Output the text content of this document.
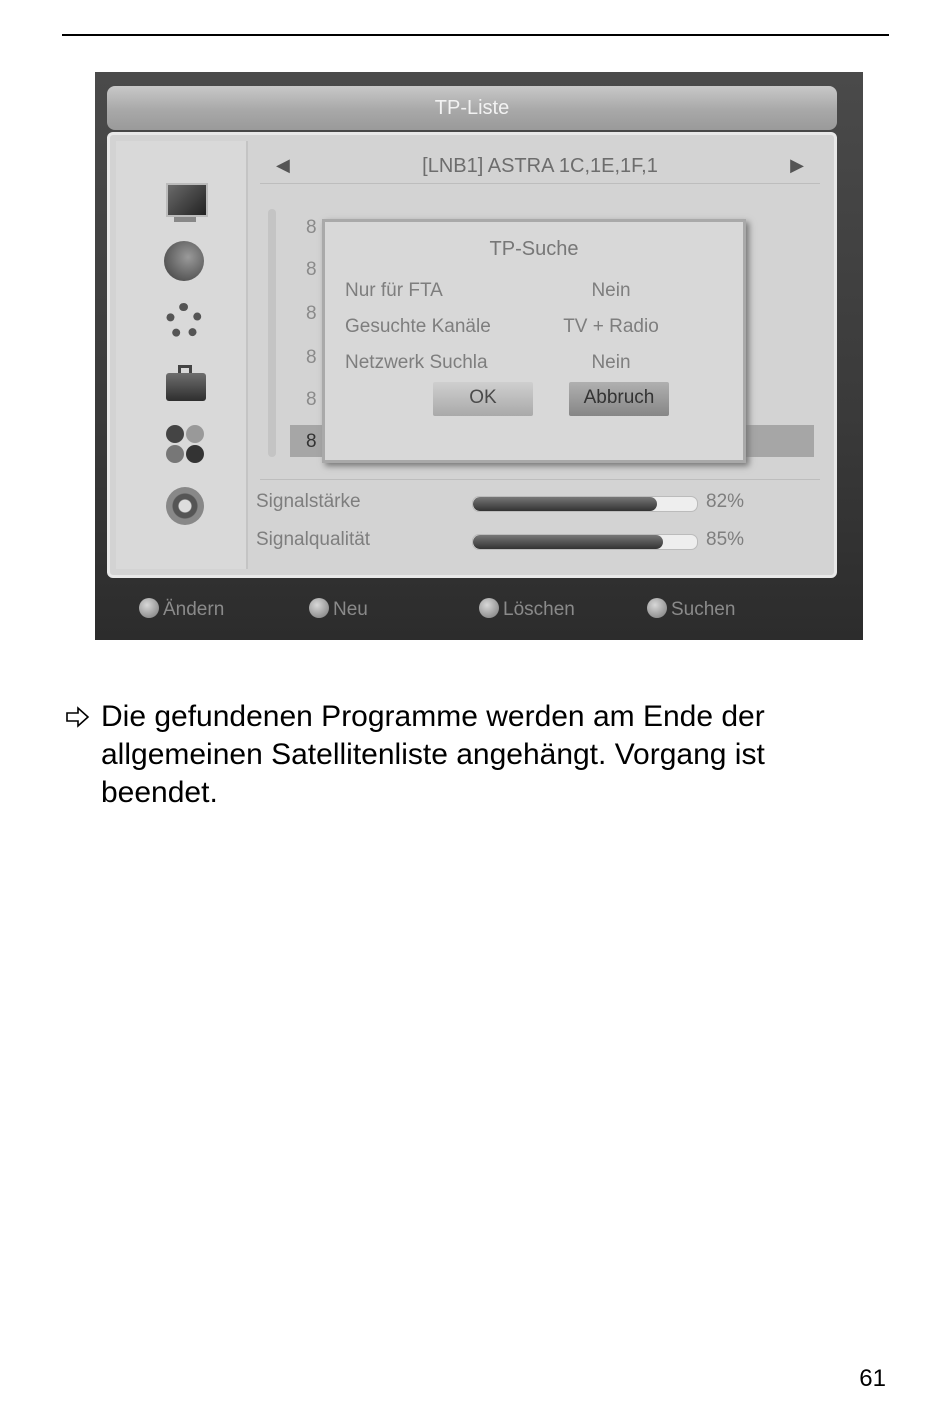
TP-Liste
◀	[LNB1] ASTRA 1C,1E,1F,1	▶
8
8
8
8
8
8
TP-Suche
Nur für FTA	Nein
Gesuchte Kanäle	TV + Radio
Netzwerk Suchla	Nein
OK	Abbruch
Signalstärke	82%
Signalqualität	85%
Ändern	Neu	Löschen	Suchen
Die gefundenen Programme werden am Ende der allgemeinen Satellitenliste angehängt. Vorgang ist beendet.
61
